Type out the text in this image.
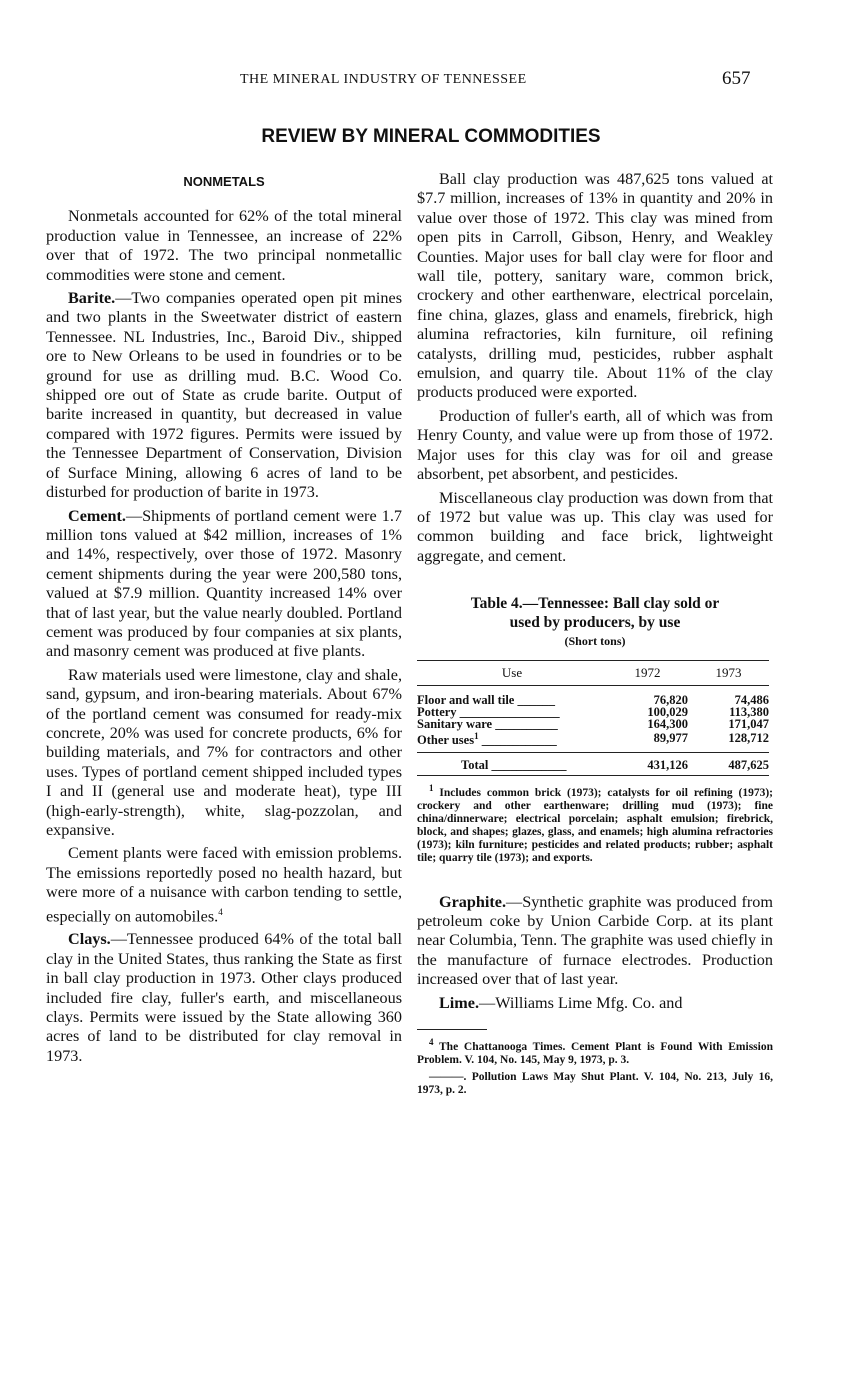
THE MINERAL INDUSTRY OF TENNESSEE	657
REVIEW BY MINERAL COMMODITIES
NONMETALS

Nonmetals accounted for 62% of the total mineral production value in Tennessee, an increase of 22% over that of 1972. The two principal nonmetallic commodities were stone and cement.

Barite.—Two companies operated open pit mines and two plants in the Sweetwater district of eastern Tennessee. NL Industries, Inc., Baroid Div., shipped ore to New Orleans to be used in foundries or to be ground for use as drilling mud. B.C. Wood Co. shipped ore out of State as crude barite. Output of barite increased in quantity, but decreased in value compared with 1972 figures. Permits were issued by the Tennessee Department of Conservation, Division of Surface Mining, allowing 6 acres of land to be disturbed for production of barite in 1973.

Cement.—Shipments of portland cement were 1.7 million tons valued at $42 million, increases of 1% and 14%, respectively, over those of 1972. Masonry cement shipments during the year were 200,580 tons, valued at $7.9 million. Quantity increased 14% over that of last year, but the value nearly doubled. Portland cement was produced by four companies at six plants, and masonry cement was produced at five plants.

Raw materials used were limestone, clay and shale, sand, gypsum, and iron-bearing materials. About 67% of the portland cement was consumed for ready-mix concrete, 20% was used for concrete products, 6% for building materials, and 7% for contractors and other uses. Types of portland cement shipped included types I and II (general use and moderate heat), type III (high-early-strength), white, slag-pozzolan, and expansive.

Cement plants were faced with emission problems. The emissions reportedly posed no health hazard, but were more of a nuisance with carbon tending to settle, especially on automobiles.$^4$

Clays.—Tennessee produced 64% of the total ball clay in the United States, thus ranking the State as first in ball clay production in 1973. Other clays produced included fire clay, fuller's earth, and miscellaneous clays. Permits were issued by the State allowing 360 acres of land to be distributed for clay removal in 1973.

Ball clay production was 487,625 tons valued at $7.7 million, increases of 13% in quantity and 20% in value over those of 1972. This clay was mined from open pits in Carroll, Gibson, Henry, and Weakley Counties. Major uses for ball clay were for floor and wall tile, pottery, sanitary ware, common brick, crockery and other earthenware, electrical porcelain, fine china, glazes, glass and enamels, firebrick, high alumina refractories, kiln furniture, oil refining catalysts, drilling mud, pesticides, rubber asphalt emulsion, and quarry tile. About 11% of the clay products produced were exported.

Production of fuller's earth, all of which was from Henry County, and value were up from those of 1972. Major uses for this clay was for oil and grease absorbent, pet absorbent, and pesticides.

Miscellaneous clay production was down from that of 1972 but value was up. This clay was used for common building and face brick, lightweight aggregate, and cement.

Table 4.—Tennessee: Ball clay sold or
used by producers, by use
(Short tons)
Use	1972	1973
Floor and wall tile ______	76,820	74,486
Pottery ________________	100,029	113,380
Sanitary ware __________	164,300	171,047
Other uses$^1$ ____________	89,977	128,712
Total ____________	431,126	487,625
$^1$ Includes common brick (1973); catalysts for oil refining (1973); crockery and other earthenware; drilling mud (1973); fine china/dinnerware; electrical porcelain; asphalt emulsion; firebrick, block, and shapes; glazes, glass, and enamels; high alumina refractories (1973); kiln furniture; pesticides and related products; rubber; asphalt tile; quarry tile (1973); and exports.

Graphite.—Synthetic graphite was produced from petroleum coke by Union Carbide Corp. at its plant near Columbia, Tenn. The graphite was used chiefly in the manufacture of furnace electrodes. Production increased over that of last year.

Lime.—Williams Lime Mfg. Co. and

$^4$ The Chattanooga Times. Cement Plant is Found With Emission Problem. V. 104, No. 145, May 9, 1973, p. 3.

———. Pollution Laws May Shut Plant. V. 104, No. 213, July 16, 1973, p. 2.
